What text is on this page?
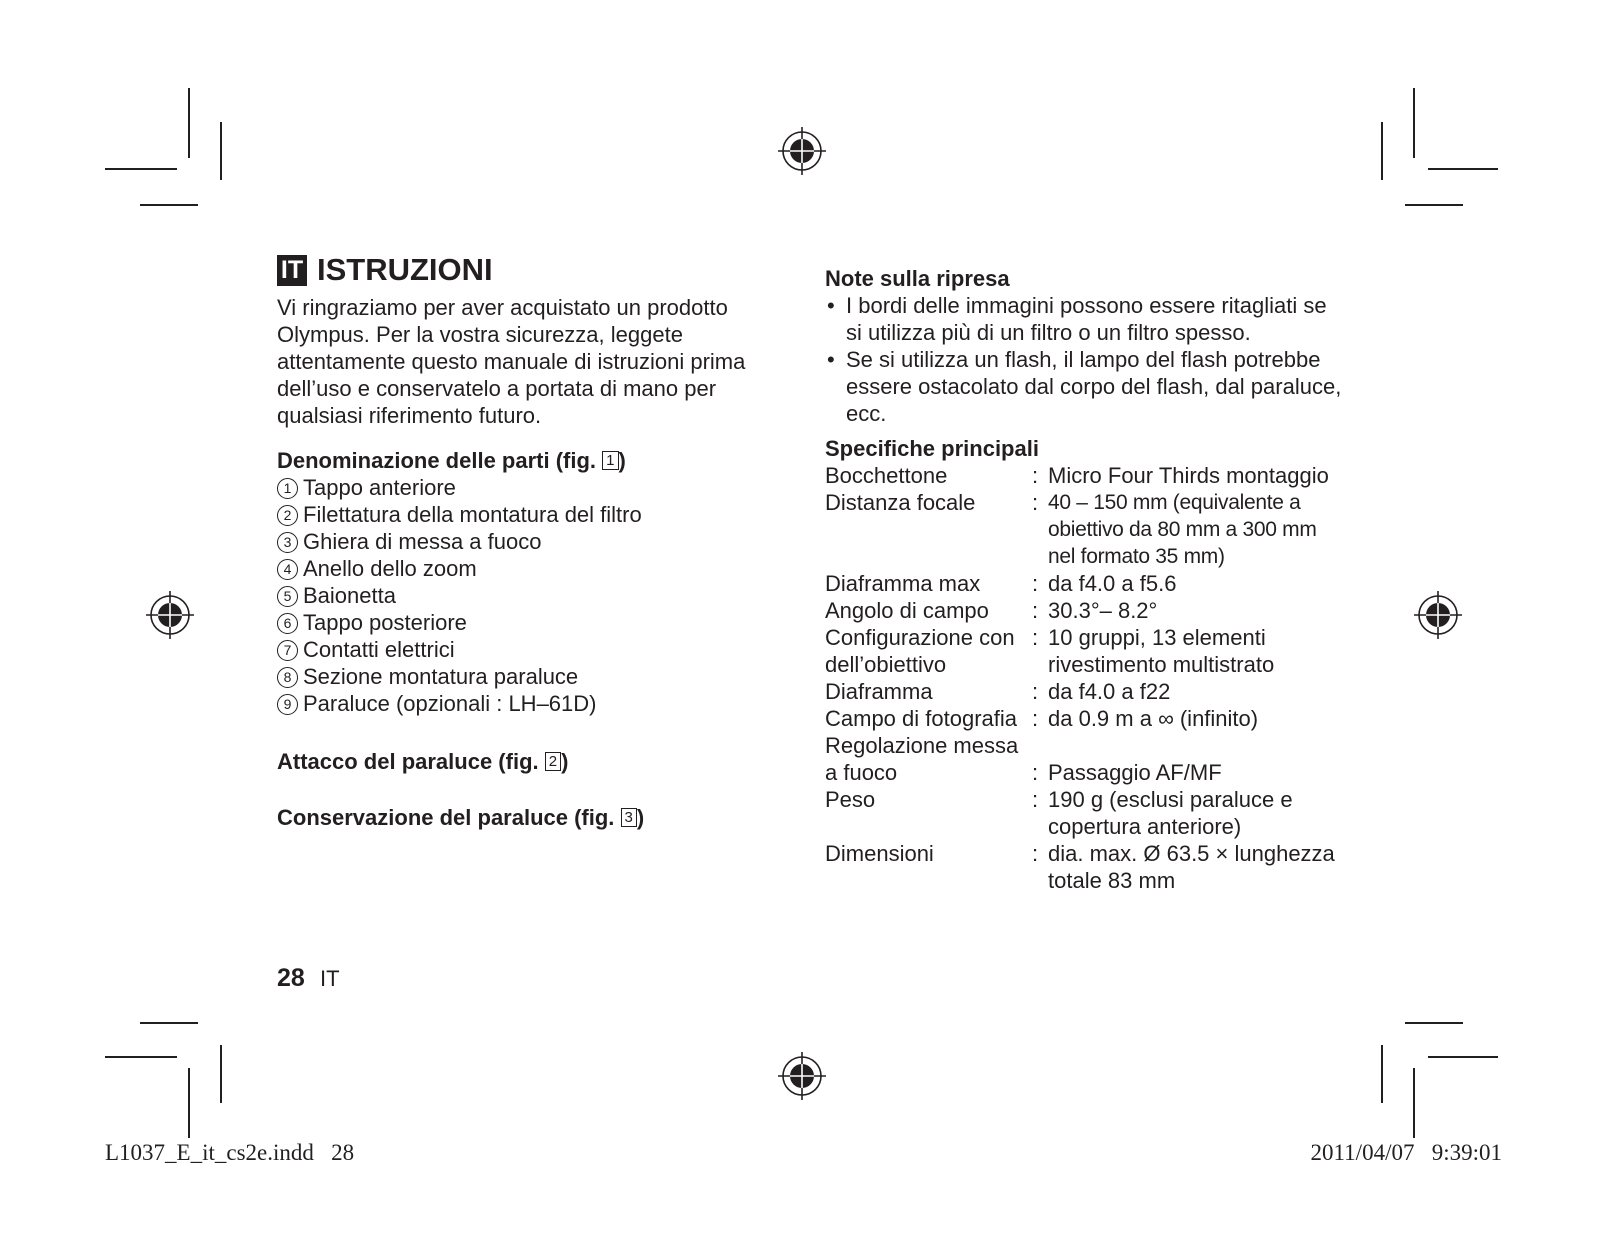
IT ISTRUZIONI
Vi ringraziamo per aver acquistato un prodotto Olympus. Per la vostra sicurezza, leggete attentamente questo manuale di istruzioni prima dell’uso e conservatelo a portata di mano per qualsiasi riferimento futuro.
Denominazione delle parti (fig. 1 )
1 Tappo anteriore
2 Filettatura della montatura del filtro
3 Ghiera di messa a fuoco
4 Anello dello zoom
5 Baionetta
6 Tappo posteriore
7 Contatti elettrici
8 Sezione montatura paraluce
9 Paraluce (opzionali : LH–61D)
Attacco del paraluce (fig. 2 )
Conservazione del paraluce (fig. 3 )
Note sulla ripresa
• I bordi delle immagini possono essere ritagliati se si utilizza più di un filtro o un filtro spesso.
• Se si utilizza un flash, il lampo del flash potrebbe essere ostacolato dal corpo del flash, dal paraluce, ecc.
Specifiche principali
Bocchettone	:	Micro Four Thirds montaggio
Distanza focale	:	40 – 150 mm (equivalente a obiettivo da 80 mm a 300 mm nel formato 35 mm)
Diaframma max	:	da f4.0 a f5.6
Angolo di campo	:	30.3°– 8.2°
Configurazione con dell’obiettivo	:	10 gruppi, 13 elementi rivestimento multistrato
Diaframma	:	da f4.0 a f22
Campo di fotografia	:	da 0.9 m a ∞ (infinito)
Regolazione messa a fuoco	:	Passaggio AF/MF
Peso	:	190 g (esclusi paraluce e copertura anteriore)
Dimensioni	:	dia. max. Ø 63.5 × lunghezza totale 83 mm
28 IT
L1037_E_it_cs2e.indd   28	2011/04/07   9:39:01
